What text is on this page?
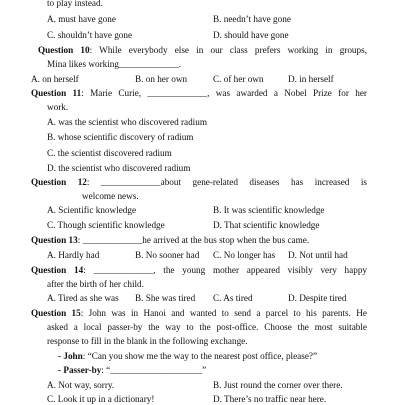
to play instead.
A. must have gone	B. needn’t have gone
C. shouldn’t have gone	D. should have gone
Question 10: While everybody else in our class prefers working in groups,
Mina likes working_____________.
A. on herself	B. on her own	C. of her own	D. in herself
Question 11: Marie Curie, _____________, was awarded a Nobel Prize for her
work.
A. was the scientist who discovered radium
B. whose scientific discovery of radium
C. the scientist discovered radium
D. the scientist who discovered radium
Question 12: _____________about gene-related diseases has increased is
welcome news.
A. Scientific knowledge	B. It was scientific knowledge
C. Though scientific knowledge	D. That scientific knowledge
Question 13: _____________he arrived at the bus stop when the bus came.
A. Hardly had	B. No sooner had C. No longer has D. Not until had
Question 14: _____________, the young mother appeared visibly very happy
after the birth of her child.
A. Tired as she was B. She was tired C. As tired	D. Despite tired
Question 15: John was in Hanoi and wanted to send a parcel to his parents. He
asked a local passer-by the way to the post-office. Choose the most suitable
response to fill in the blank in the following exchange.
- John: “Can you show me the way to the nearest post office, please?”
- Passer-by: “____________________”
A. Not way, sorry.	B. Just round the corner over there.
C. Look it up in a dictionary!	D. There’s no traffic near here.
